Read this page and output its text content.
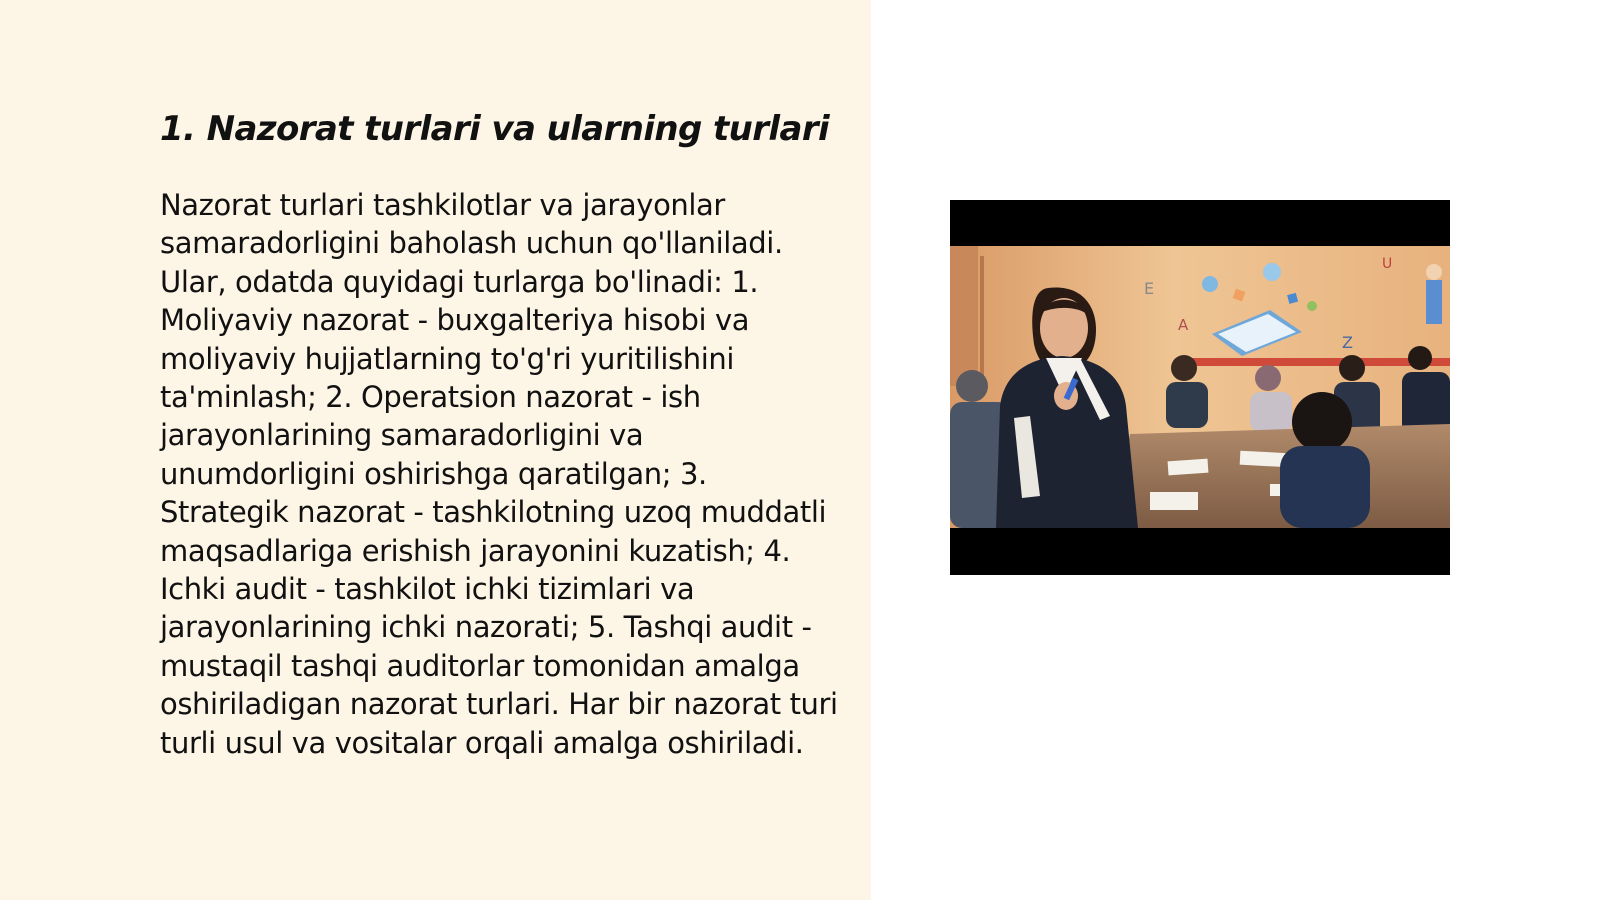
1. Nazorat turlari va ularning turlari

Nazorat turlari tashkilotlar va jarayonlar samaradorligini baholash uchun qo'llaniladi. Ular, odatda quyidagi turlarga bo'linadi: 1. Moliyaviy nazorat - buxgalteriya hisobi va moliyaviy hujjatlarning to'g'ri yuritilishini ta'minlash; 2. Operatsion nazorat - ish jarayonlarining samaradorligini va unumdorligini oshirishga qaratilgan; 3. Strategik nazorat - tashkilotning uzoq muddatli maqsadlariga erishish jarayonini kuzatish; 4. Ichki audit - tashkilot ichki tizimlari va jarayonlarining ichki nazorati; 5. Tashqi audit - mustaqil tashqi auditorlar tomonidan amalga oshiriladigan nazorat turlari. Har bir nazorat turi turli usul va vositalar orqali amalga oshiriladi.

E
A
Z
U
